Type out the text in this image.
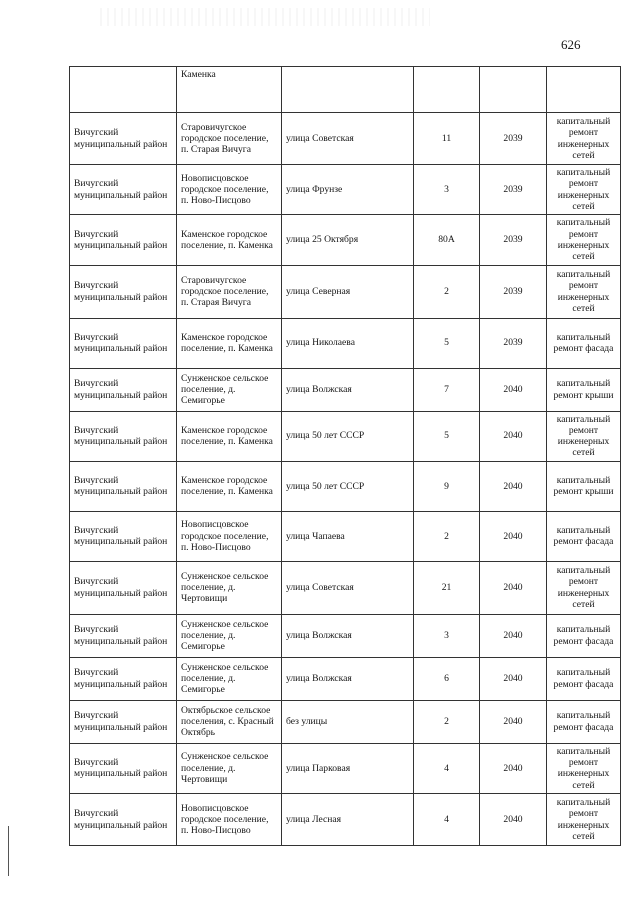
626
	Каменка				
Вичугский муниципальный район	Старовичугское городское поселение, п. Старая Вичуга	улица Советская	11	2039	капитальный ремонт инженерных сетей
Вичугский муниципальный район	Новописцовское городское поселение, п. Ново-Писцово	улица Фрунзе	3	2039	капитальный ремонт инженерных сетей
Вичугский муниципальный район	Каменское городское поселение, п. Каменка	улица 25 Октября	80А	2039	капитальный ремонт инженерных сетей
Вичугский муниципальный район	Старовичугское городское поселение, п. Старая Вичуга	улица Северная	2	2039	капитальный ремонт инженерных сетей
Вичугский муниципальный район	Каменское городское поселение, п. Каменка	улица Николаева	5	2039	капитальный ремонт фасада
Вичугский муниципальный район	Сунженское сельское поселение, д. Семигорье	улица Волжская	7	2040	капитальный ремонт крыши
Вичугский муниципальный район	Каменское городское поселение, п. Каменка	улица 50 лет СССР	5	2040	капитальный ремонт инженерных сетей
Вичугский муниципальный район	Каменское городское поселение, п. Каменка	улица 50 лет СССР	9	2040	капитальный ремонт крыши
Вичугский муниципальный район	Новописцовское городское поселение, п. Ново-Писцово	улица Чапаева	2	2040	капитальный ремонт фасада
Вичугский муниципальный район	Сунженское сельское поселение, д. Чертовищи	улица Советская	21	2040	капитальный ремонт инженерных сетей
Вичугский муниципальный район	Сунженское сельское поселение, д. Семигорье	улица Волжская	3	2040	капитальный ремонт фасада
Вичугский муниципальный район	Сунженское сельское поселение, д. Семигорье	улица Волжская	6	2040	капитальный ремонт фасада
Вичугский муниципальный район	Октябрьское сельское поселения, с. Красный Октябрь	без улицы	2	2040	капитальный ремонт фасада
Вичугский муниципальный район	Сунженское сельское поселение, д. Чертовищи	улица Парковая	4	2040	капитальный ремонт инженерных сетей
Вичугский муниципальный район	Новописцовское городское поселение, п. Ново-Писцово	улица Лесная	4	2040	капитальный ремонт инженерных сетей
